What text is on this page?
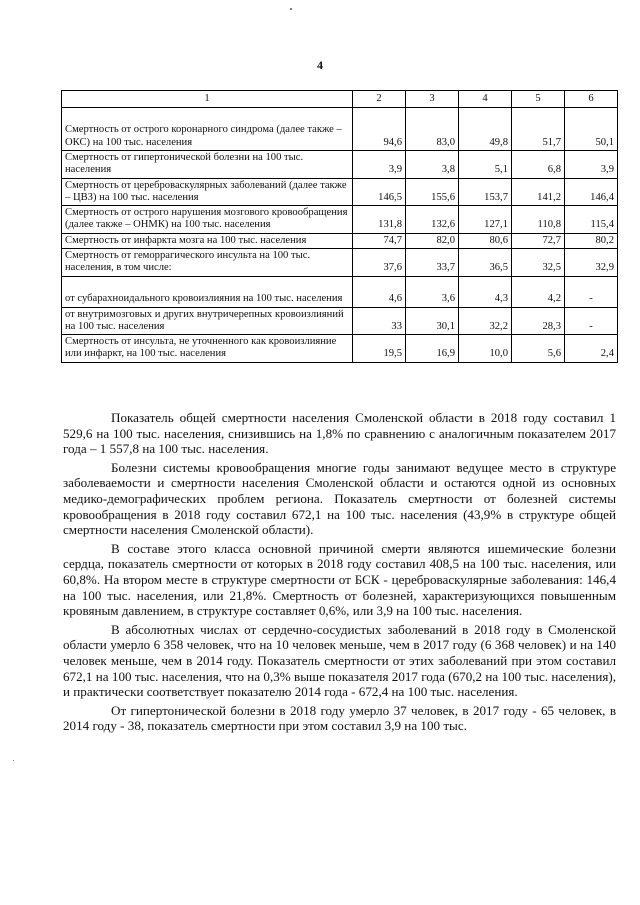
4
1	2	3	4	5	6
Смертность от острого коронарного синдрома (далее также – ОКС) на 100 тыс. населения	94,6	83,0	49,8	51,7	50,1
Смертность от гипертонической болезни на 100 тыс. населения	3,9	3,8	5,1	6,8	3,9
Смертность от цереброваскулярных заболеваний (далее также – ЦВЗ) на 100 тыс. населения	146,5	155,6	153,7	141,2	146,4
Смертность от острого нарушения мозгового кровообращения (далее также – ОНМК) на 100 тыс. населения	131,8	132,6	127,1	110,8	115,4
Смертность от инфаркта мозга на 100 тыс. населения	74,7	82,0	80,6	72,7	80,2
Смертность от геморрагического инсульта на 100 тыс. населения, в том числе:	37,6	33,7	36,5	32,5	32,9
от субарахноидального кровоизлияния на 100 тыс. населения	4,6	3,6	4,3	4,2	-
от внутримозговых и других внутричерепных кровоизлияний на 100 тыс. населения	33	30,1	32,2	28,3	-
Смертность от инсульта, не уточненного как кровоизлияние или инфаркт, на 100 тыс. населения	19,5	16,9	10,0	5,6	2,4

Показатель общей смертности населения Смоленской области в 2018 году составил 1 529,6 на 100 тыс. населения, снизившись на 1,8% по сравнению с аналогичным показателем 2017 года – 1 557,8 на 100 тыс. населения.

Болезни системы кровообращения многие годы занимают ведущее место в структуре заболеваемости и смертности населения Смоленской области и остаются одной из основных медико-демографических проблем региона. Показатель смертности от болезней системы кровообращения в 2018 году составил 672,1 на 100 тыс. населения (43,9% в структуре общей смертности населения Смоленской области).

В составе этого класса основной причиной смерти являются ишемические болезни сердца, показатель смертности от которых в 2018 году составил 408,5 на 100 тыс. населения, или 60,8%. На втором месте в структуре смертности от БСК - цереброваскулярные заболевания: 146,4 на 100 тыс. населения, или 21,8%. Смертность от болезней, характеризующихся повышенным кровяным давлением, в структуре составляет 0,6%, или 3,9 на 100 тыс. населения.

В абсолютных числах от сердечно-сосудистых заболеваний в 2018 году в Смоленской области умерло 6 358 человек, что на 10 человек меньше, чем в 2017 году (6 368 человек) и на 140 человек меньше, чем в 2014 году. Показатель смертности от этих заболеваний при этом составил 672,1 на 100 тыс. населения, что на 0,3% выше показателя 2017 года (670,2 на 100 тыс. населения), и практически соответствует показателю 2014 года - 672,4 на 100 тыс. населения.

От гипертонической болезни в 2018 году умерло 37 человек, в 2017 году - 65 человек, в 2014 году - 38, показатель смертности при этом составил 3,9 на 100 тыс.
